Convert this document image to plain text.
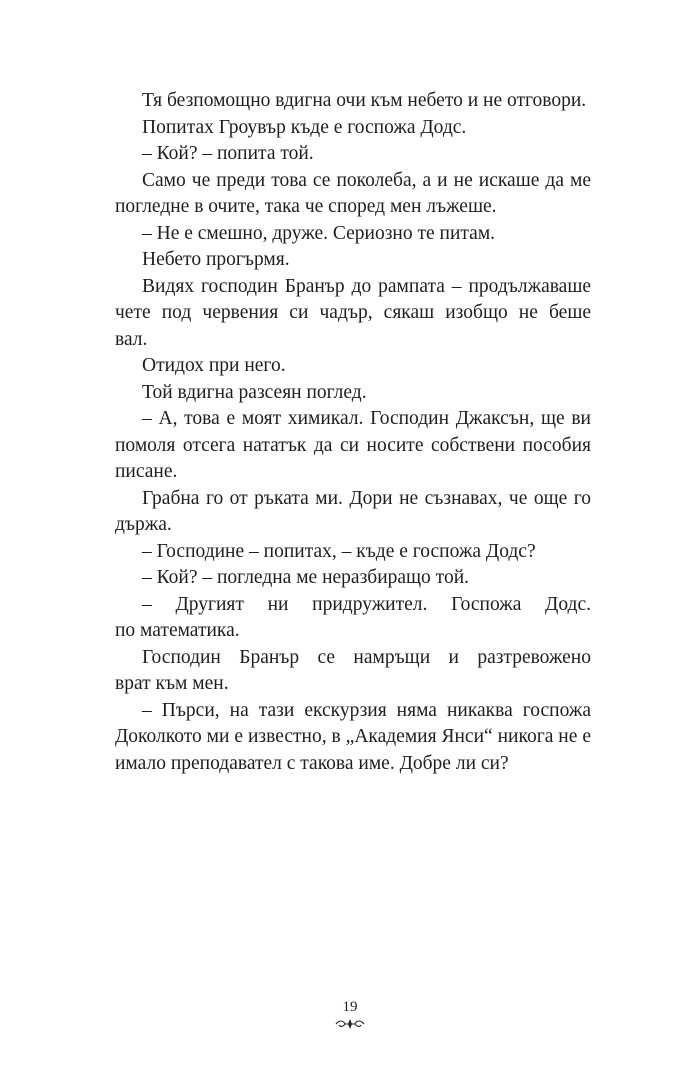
Тя безпомощно вдигна очи към небето и не отговори.
Попитах Гроувър къде е госпожа Додс.
– Кой? – попита той.
Само че преди това се поколеба, а и не искаше да ме
погледне в очите, така че според мен лъжеше.
– Не е смешно, друже. Сериозно те питам.
Небето прогърмя.
Видях господин Бранър до рампата – продължаваше
чете под червения си чадър, сякаш изобщо не беше
вал.
Отидох при него.
Той вдигна разсеян поглед.
– А, това е моят химикал. Господин Джаксън, ще ви
помоля отсега нататък да си носите собствени пособия
писане.
Грабна го от ръката ми. Дори не съзнавах, че още го
държа.
– Господине – попитах, – къде е госпожа Додс?
– Кой? – погледна ме неразбиращо той.
– Другият ни придружител. Госпожа Додс.
по математика.
Господин Бранър се намръщи и разтревожено
врат към мен.
– Пърси, на тази екскурзия няма никаква госпожа
Доколкото ми е известно, в „Академия Янси“ никога не е
имало преподавател с такова име. Добре ли си?
19
